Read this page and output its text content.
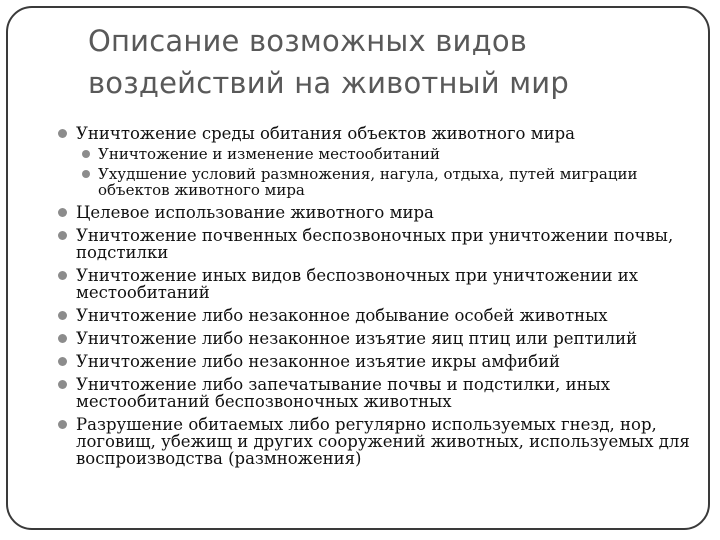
Описание возможных видов воздействий на животный мир
Уничтожение среды обитания объектов животного мира
Уничтожение и изменение местообитаний
Ухудшение условий размножения, нагула, отдыха, путей миграции объектов животного мира
Целевое использование животного мира
Уничтожение почвенных беспозвоночных при уничтожении почвы, подстилки
Уничтожение иных видов беспозвоночных при уничтожении их местообитаний
Уничтожение либо незаконное добывание особей животных
Уничтожение либо незаконное изъятие яиц птиц или рептилий
Уничтожение либо незаконное изъятие икры амфибий
Уничтожение либо запечатывание почвы и подстилки, иных местообитаний беспозвоночных животных
Разрушение обитаемых либо регулярно используемых гнезд, нор, логовищ, убежищ и других сооружений животных, используемых для воспроизводства (размножения)
